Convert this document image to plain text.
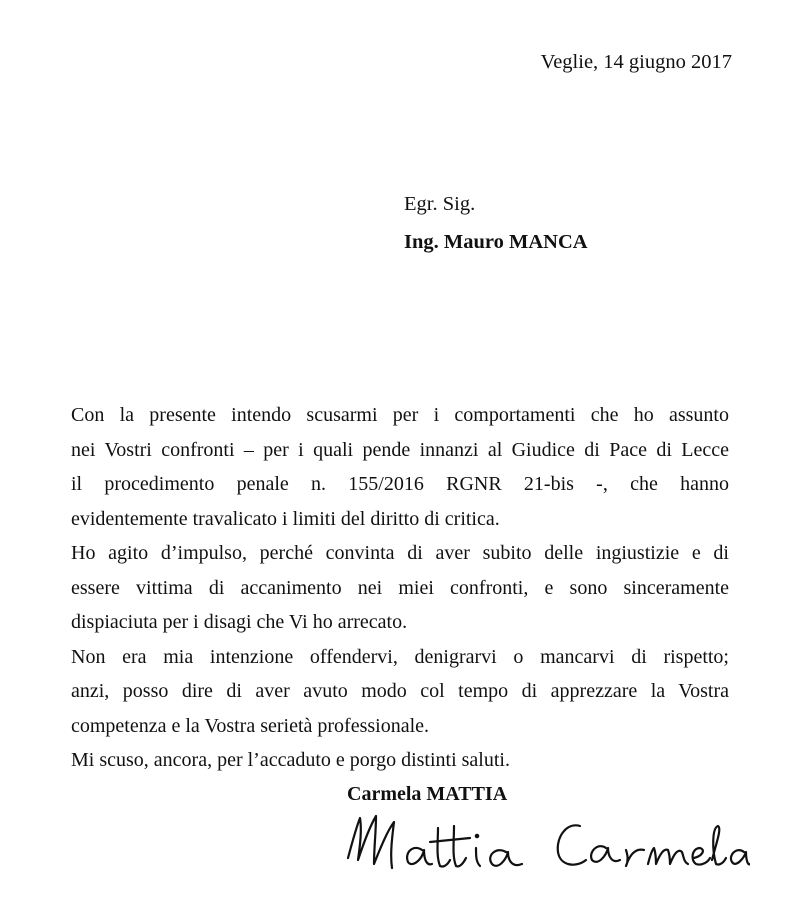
Veglie, 14 giugno 2017
Egr. Sig.
Ing. Mauro MANCA
Con la presente intendo scusarmi per i comportamenti che ho assunto
nei Vostri confronti – per i quali pende innanzi al Giudice di Pace di Lecce
il procedimento penale n. 155/2016 RGNR 21-bis -, che hanno
evidentemente travalicato i limiti del diritto di critica.
Ho agito d’impulso, perché convinta di aver subito delle ingiustizie e di
essere vittima di accanimento nei miei confronti, e sono sinceramente
dispiaciuta per i disagi che Vi ho arrecato.
Non era mia intenzione offendervi, denigrarvi o mancarvi di rispetto;
anzi, posso dire di aver avuto modo col tempo di apprezzare la Vostra
competenza e la Vostra serietà professionale.
Mi scuso, ancora, per l’accaduto e porgo distinti saluti.
Carmela MATTIA
